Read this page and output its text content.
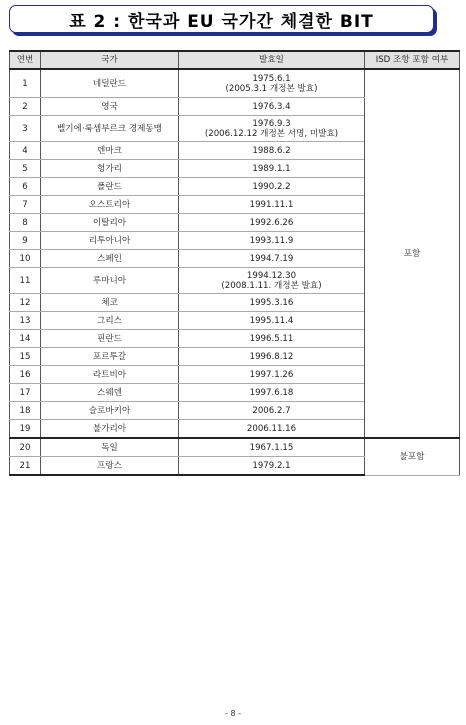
표 2 : 한국과 EU 국가간 체결한 BIT
연번	국가	발효일	ISD 조항 포함 여부
1	네덜란드	1975.6.1
(2005.3.1 개정본 발효)	포함
2	영국	1976.3.4	

3	벨기에·룩셈부르크 경제동맹	1976.9.3
(2006.12.12 개정본 서명, 미발효)	

4	덴마크	1988.6.2	

5	헝가리	1989.1.1	

6	폴란드	1990.2.2	

7	오스트리아	1991.11.1	

8	이탈리아	1992.6.26	

9	리투아니아	1993.11.9	

10	스페인	1994.7.19	

11	루마니아	1994.12.30
(2008.1.11. 개정본 발효)	

12	체코	1995.3.16	

13	그리스	1995.11.4	

14	핀란드	1996.5.11	

15	포르투갈	1996.8.12	

16	라트비아	1997.1.26	

17	스웨덴	1997.6.18	

18	슬로바키아	2006.2.7	

19	불가리아	2006.11.16	

20	독일	1967.1.15	불포함
21	프랑스	1979.2.1	
- 8 -
